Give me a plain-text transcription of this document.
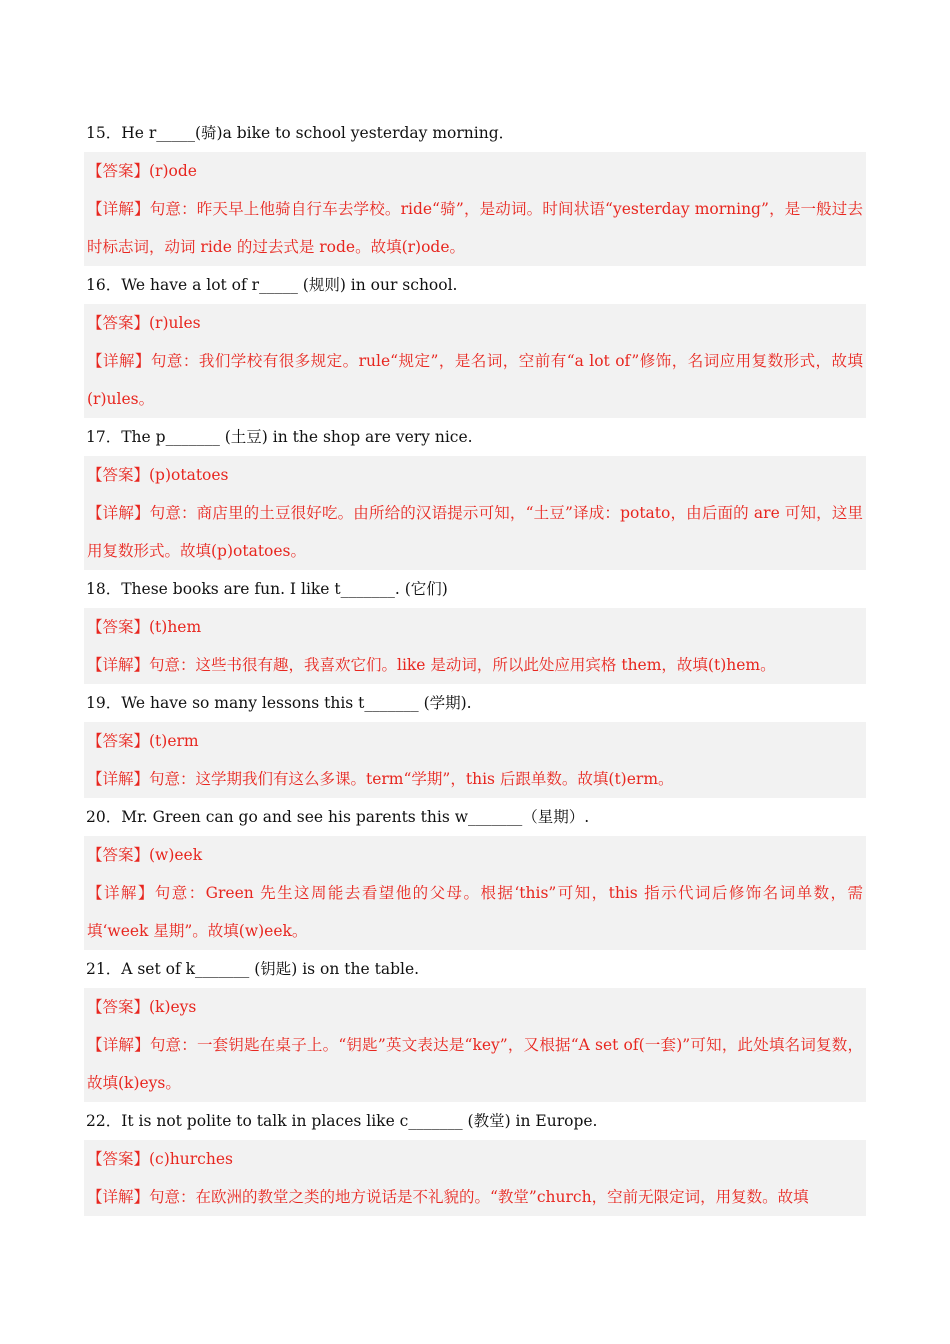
15．He r_____(骑)a bike to school yesterday morning．
【答案】(r)ode
【详解】句意：昨天早上他骑自行车去学校。ride“骑”，是动词。时间状语“yesterday morning”，是一般过去时标志词，动词 ride 的过去式是 rode。故填(r)ode。
16．We have a lot of r_____ (规则) in our school.
【答案】(r)ules
【详解】句意：我们学校有很多规定。rule“规定”，是名词，空前有“a lot of”修饰，名词应用复数形式，故填(r)ules。
17．The p_______ (土豆) in the shop are very nice.
【答案】(p)otatoes
【详解】句意：商店里的土豆很好吃。由所给的汉语提示可知，“土豆”译成：potato，由后面的 are 可知，这里用复数形式。故填(p)otatoes。
18．These books are fun. I like t_______. (它们)
【答案】(t)hem
【详解】句意：这些书很有趣，我喜欢它们。like 是动词，所以此处应用宾格 them，故填(t)hem。
19．We have so many lessons this t_______ (学期).
【答案】(t)erm
【详解】句意：这学期我们有这么多课。term“学期”，this 后跟单数。故填(t)erm。
20．Mr. Green can go and see his parents this w_______（星期）.
【答案】(w)eek
【详解】句意：Green 先生这周能去看望他的父母。根据‘this”可知，this 指示代词后修饰名词单数，需填‘week 星期”。故填(w)eek。
21．A set of k_______ (钥匙) is on the table.
【答案】(k)eys
【详解】句意：一套钥匙在桌子上。“钥匙”英文表达是“key”，又根据“A set of(一套)”可知，此处填名词复数，故填(k)eys。
22．It is not polite to talk in places like c_______ (教堂) in Europe.
【答案】(c)hurches
【详解】句意：在欧洲的教堂之类的地方说话是不礼貌的。“教堂”church，空前无限定词，用复数。故填
